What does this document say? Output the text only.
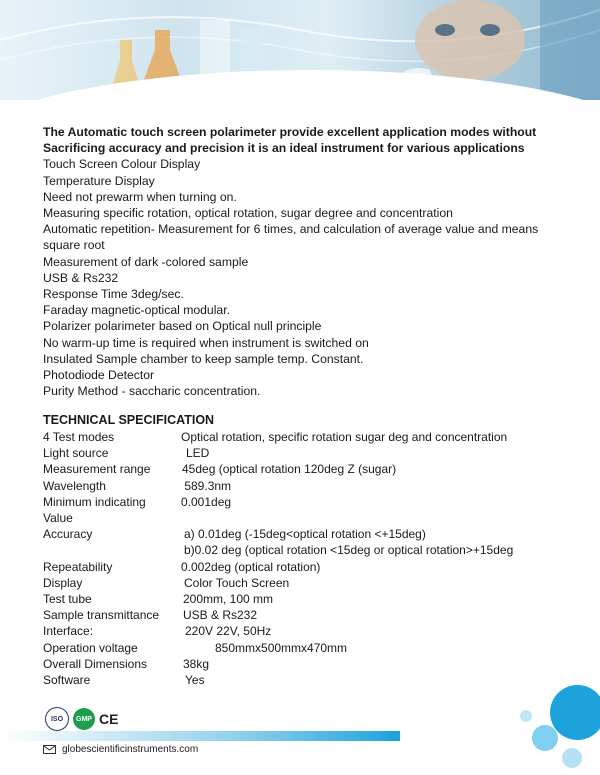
The Automatic touch screen polarimeter provide excellent application modes without
Sacrificing accuracy and precision it is an ideal instrument for various applications
Touch Screen Colour Display
Temperature Display
Need not prewarm when turning on.
Measuring specific rotation, optical rotation, sugar degree and concentration
Automatic repetition- Measurement for 6 times, and calculation of average value and means square root
Measurement of dark -colored sample
USB & Rs232
Response Time 3deg/sec.
Faraday magnetic-optical modular.
Polarizer polarimeter based on Optical null principle
No warm-up time is required when instrument is switched on
Insulated Sample chamber to keep sample temp. Constant.
Photodiode Detector
Purity Method - saccharic concentration.
TECHNICAL SPECIFICATION
4 Test modes	Optical rotation, specific rotation sugar deg and concentration
Light source	LED
Measurement range	45deg (optical rotation 120deg Z (sugar)
Wavelength	589.3nm
Minimum indicating	0.001deg
Value
Accuracy	a) 0.01deg (-15deg<optical rotation <+15deg)
b)0.02 deg (optical rotation <15deg or optical rotation>+15deg
Repeatability	0.002deg (optical rotation)
Display	Color Touch Screen
Test tube	200mm, 100 mm
Sample transmittance	USB & Rs232
Interface:	220V 22V, 50Hz
Operation voltage	850mmx500mmx470mm
Overall Dimensions	38kg
Software	Yes
ISO	GMP CE
globescientificinstruments.com
